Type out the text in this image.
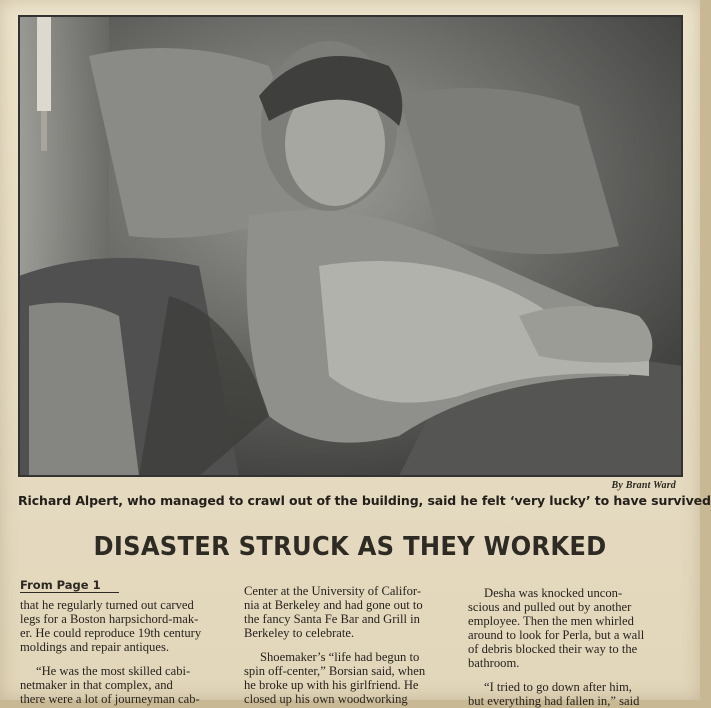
By Brant Ward
Richard Alpert, who managed to crawl out of the building, said he felt ‘very lucky’ to have survived
DISASTER STRUCK AS THEY WORKED
From Page 1

that he regularly turned out carved

legs for a Boston harpsichord-mak-

er. He could reproduce 19th century

moldings and repair antiques.

“He was the most skilled cabi-

netmaker in that complex, and

there were a lot of journeyman cab-

Center at the University of Califor-

nia at Berkeley and had gone out to

the fancy Santa Fe Bar and Grill in

Berkeley to celebrate.

Shoemaker’s “life had begun to

spin off-center,” Borsian said, when

he broke up with his girlfriend. He

closed up his own woodworking

Desha was knocked uncon-

scious and pulled out by another

employee. Then the men whirled

around to look for Perla, but a wall

of debris blocked their way to the

bathroom.

“I tried to go down after him,

but everything had fallen in,” said
